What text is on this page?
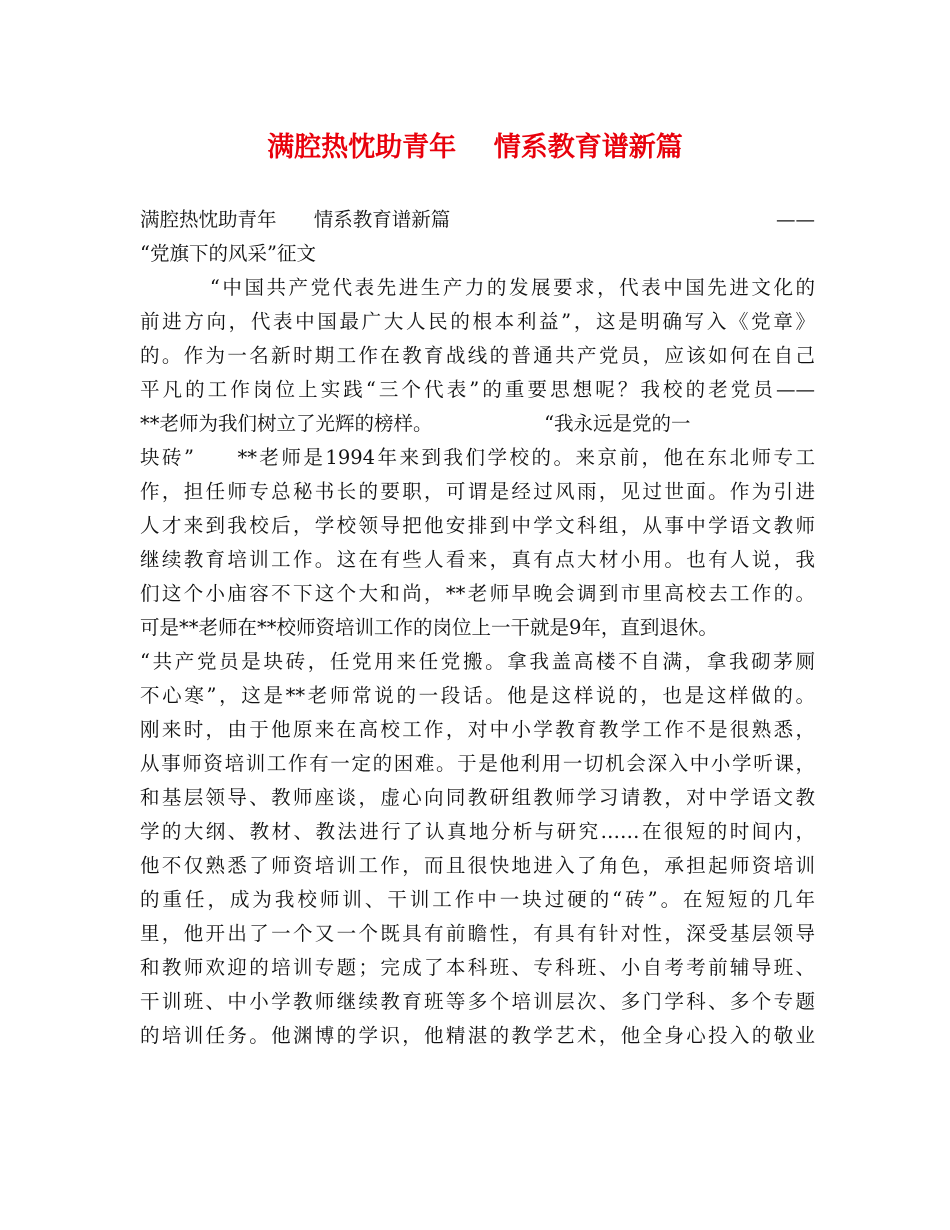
满腔热忱助青年    情系教育谱新篇
满腔热忱助青年      情系教育谱新篇	——
“党旗下的风采”征文
“中国共产党代表先进生产力的发展要求，代表中国先进文化的
前进方向，代表中国最广大人民的根本利益”，这是明确写入《党章》
的。作为一名新时期工作在教育战线的普通共产党员，应该如何在自己
平凡的工作岗位上实践“三个代表”的重要思想呢？我校的老党员——
**老师为我们树立了光辉的榜样。                  “我永远是党的一
块砖”     **老师是1994年来到我们学校的。来京前，他在东北师专工
作，担任师专总秘书长的要职，可谓是经过风雨，见过世面。作为引进
人才来到我校后，学校领导把他安排到中学文科组，从事中学语文教师
继续教育培训工作。这在有些人看来，真有点大材小用。也有人说，我
们这个小庙容不下这个大和尚，**老师早晚会调到市里高校去工作的。
可是**老师在**校师资培训工作的岗位上一干就是9年，直到退休。
“共产党员是块砖，任党用来任党搬。拿我盖高楼不自满，拿我砌茅厕
不心寒”，这是**老师常说的一段话。他是这样说的，也是这样做的。
刚来时，由于他原来在高校工作，对中小学教育教学工作不是很熟悉，
从事师资培训工作有一定的困难。于是他利用一切机会深入中小学听课，
和基层领导、教师座谈，虚心向同教研组教师学习请教，对中学语文教
学的大纲、教材、教法进行了认真地分析与研究……在很短的时间内，
他不仅熟悉了师资培训工作，而且很快地进入了角色，承担起师资培训
的重任，成为我校师训、干训工作中一块过硬的“砖”。在短短的几年
里，他开出了一个又一个既具有前瞻性，有具有针对性，深受基层领导
和教师欢迎的培训专题；完成了本科班、专科班、小自考考前辅导班、
干训班、中小学教师继续教育班等多个培训层次、多门学科、多个专题
的培训任务。他渊博的学识，他精湛的教学艺术，他全身心投入的敬业
